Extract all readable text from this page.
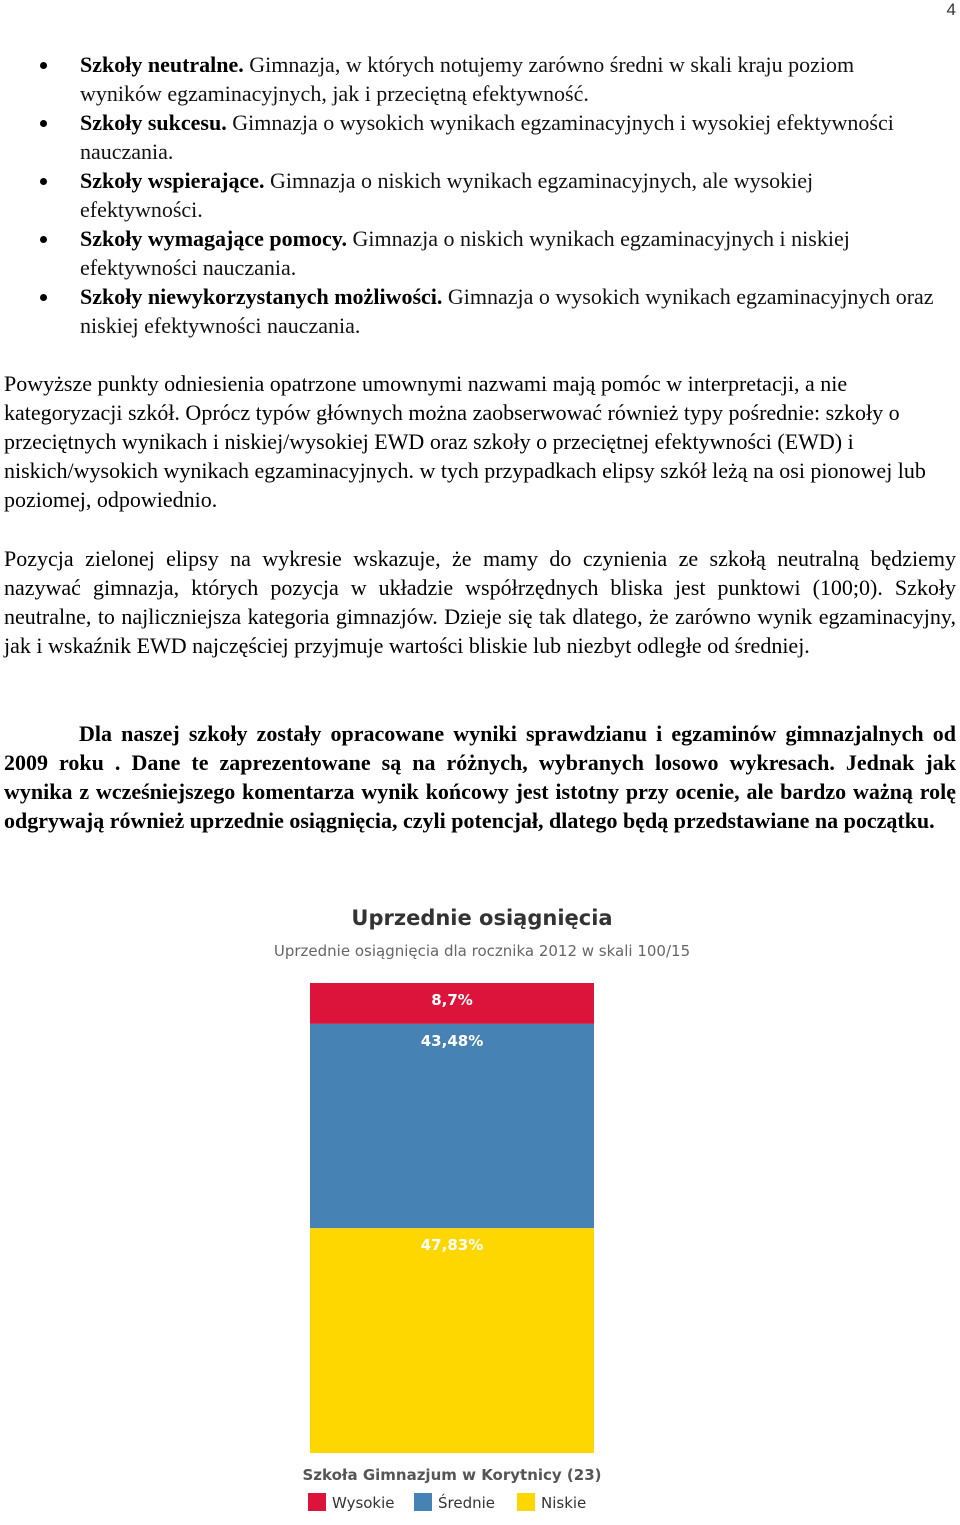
4
Szkoły neutralne. Gimnazja, w których notujemy zarówno średni w skali kraju poziom wyników egzaminacyjnych, jak i przeciętną efektywność.
Szkoły sukcesu. Gimnazja o wysokich wynikach egzaminacyjnych i wysokiej efektywności nauczania.
Szkoły wspierające. Gimnazja o niskich wynikach egzaminacyjnych, ale wysokiej efektywności.
Szkoły wymagające pomocy. Gimnazja o niskich wynikach egzaminacyjnych i niskiej efektywności nauczania.
Szkoły niewykorzystanych możliwości. Gimnazja o wysokich wynikach egzaminacyjnych oraz niskiej efektywności nauczania.

Powyższe punkty odniesienia opatrzone umownymi nazwami mają pomóc w interpretacji, a nie kategoryzacji szkół. Oprócz typów głównych można zaobserwować również typy pośrednie: szkoły o przeciętnych wynikach i niskiej/wysokiej EWD oraz szkoły o przeciętnej efektywności (EWD) i niskich/wysokich wynikach egzaminacyjnych. w tych przypadkach elipsy szkół leżą na osi pionowej lub poziomej, odpowiednio.

Pozycja zielonej elipsy na wykresie wskazuje, że mamy do czynienia ze szkołą neutralną będziemy nazywać gimnazja, których pozycja w układzie współrzędnych bliska jest punktowi (100;0). Szkoły neutralne, to najliczniejsza kategoria gimnazjów. Dzieje się tak dlatego, że zarówno wynik egzaminacyjny, jak i wskaźnik EWD najczęściej przyjmuje wartości bliskie lub niezbyt odległe od średniej.

Dla naszej szkoły zostały opracowane wyniki sprawdzianu i egzaminów gimnazjalnych od 2009 roku . Dane te zaprezentowane są na różnych, wybranych losowo wykresach. Jednak jak wynika z wcześniejszego komentarza wynik końcowy jest istotny przy ocenie, ale bardzo ważną rolę odgrywają również uprzednie osiągnięcia, czyli potencjał, dlatego będą przedstawiane na początku.

Uprzednie osiągnięcia
Uprzednie osiągnięcia dla rocznika 2012 w skali 100/15
8,7%
43,48%
47,83%
Szkoła Gimnazjum w Korytnicy (23)
Wysokie	Średnie	Niskie
